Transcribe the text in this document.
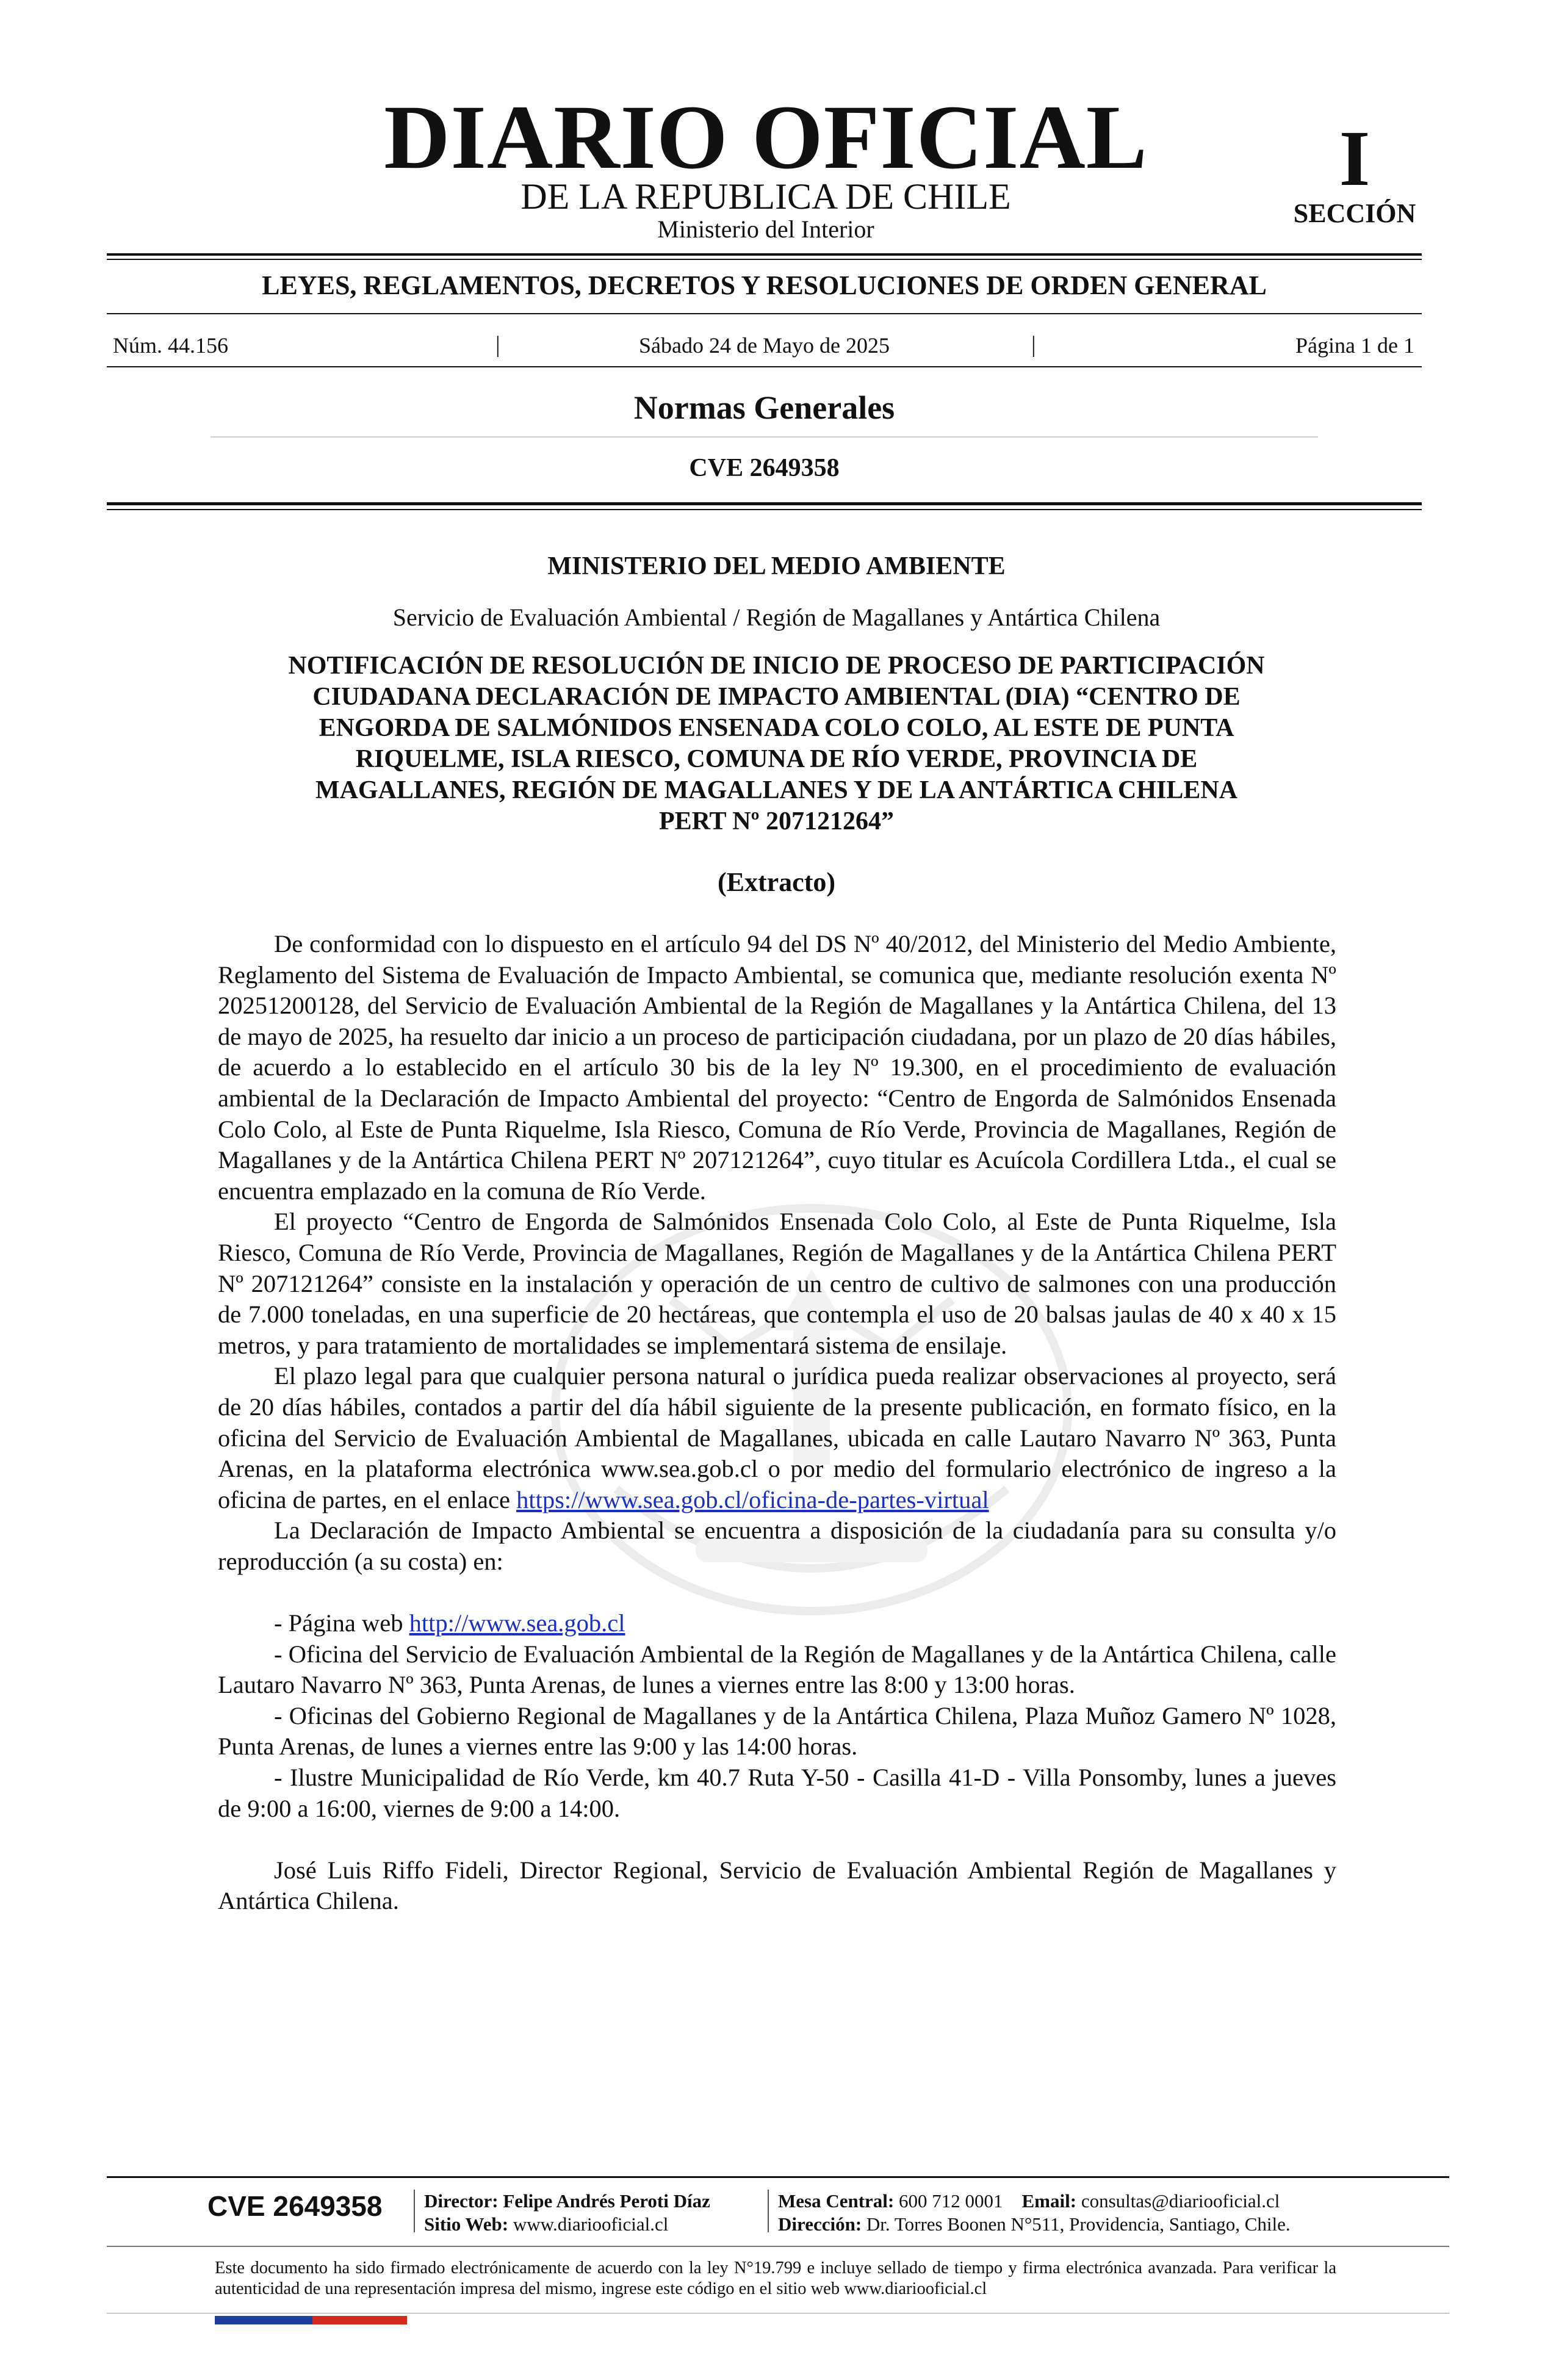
DIARIO OFICIAL
DE LA REPUBLICA DE CHILE
Ministerio del Interior
I
SECCIÓN
LEYES, REGLAMENTOS, DECRETOS Y RESOLUCIONES DE ORDEN GENERAL
Núm. 44.156	|	Sábado 24 de Mayo de 2025	|	Página 1 de 1
Normas Generales
CVE 2649358
MINISTERIO DEL MEDIO AMBIENTE
Servicio de Evaluación Ambiental / Región de Magallanes y Antártica Chilena
NOTIFICACIÓN DE RESOLUCIÓN DE INICIO DE PROCESO DE PARTICIPACIÓN
CIUDADANA DECLARACIÓN DE IMPACTO AMBIENTAL (DIA) “CENTRO DE
ENGORDA DE SALMÓNIDOS ENSENADA COLO COLO, AL ESTE DE PUNTA
RIQUELME, ISLA RIESCO, COMUNA DE RÍO VERDE, PROVINCIA DE
MAGALLANES, REGIÓN DE MAGALLANES Y DE LA ANTÁRTICA CHILENA
PERT Nº 207121264”
(Extracto)

De conformidad con lo dispuesto en el artículo 94 del DS Nº 40/2012, del Ministerio del Medio Ambiente, Reglamento del Sistema de Evaluación de Impacto Ambiental, se comunica que, mediante resolución exenta Nº 20251200128, del Servicio de Evaluación Ambiental de la Región de Magallanes y la Antártica Chilena, del 13 de mayo de 2025, ha resuelto dar inicio a un proceso de participación ciudadana, por un plazo de 20 días hábiles, de acuerdo a lo establecido en el artículo 30 bis de la ley Nº 19.300, en el procedimiento de evaluación ambiental de la Declaración de Impacto Ambiental del proyecto: “Centro de Engorda de Salmónidos Ensenada Colo Colo, al Este de Punta Riquelme, Isla Riesco, Comuna de Río Verde, Provincia de Magallanes, Región de Magallanes y de la Antártica Chilena PERT Nº 207121264”, cuyo titular es Acuícola Cordillera Ltda., el cual se encuentra emplazado en la comuna de Río Verde.

El proyecto “Centro de Engorda de Salmónidos Ensenada Colo Colo, al Este de Punta Riquelme, Isla Riesco, Comuna de Río Verde, Provincia de Magallanes, Región de Magallanes y de la Antártica Chilena PERT Nº 207121264” consiste en la instalación y operación de un centro de cultivo de salmones con una producción de 7.000 toneladas, en una superficie de 20 hectáreas, que contempla el uso de 20 balsas jaulas de 40 x 40 x 15 metros, y para tratamiento de mortalidades se implementará sistema de ensilaje.

El plazo legal para que cualquier persona natural o jurídica pueda realizar observaciones al proyecto, será de 20 días hábiles, contados a partir del día hábil siguiente de la presente publicación, en formato físico, en la oficina del Servicio de Evaluación Ambiental de Magallanes, ubicada en calle Lautaro Navarro Nº 363, Punta Arenas, en la plataforma electrónica www.sea.gob.cl o por medio del formulario electrónico de ingreso a la oficina de partes, en el enlace https://www.sea.gob.cl/oficina-de-partes-virtual

La Declaración de Impacto Ambiental se encuentra a disposición de la ciudadanía para su consulta y/o reproducción (a su costa) en:

- Página web http://www.sea.gob.cl

- Oficina del Servicio de Evaluación Ambiental de la Región de Magallanes y de la Antártica Chilena, calle Lautaro Navarro Nº 363, Punta Arenas, de lunes a viernes entre las 8:00 y 13:00 horas.

- Oficinas del Gobierno Regional de Magallanes y de la Antártica Chilena, Plaza Muñoz Gamero Nº 1028, Punta Arenas, de lunes a viernes entre las 9:00 y las 14:00 horas.

- Ilustre Municipalidad de Río Verde, km 40.7 Ruta Y-50 - Casilla 41-D - Villa Ponsomby, lunes a jueves de 9:00 a 16:00, viernes de 9:00 a 14:00.

José Luis Riffo Fideli, Director Regional, Servicio de Evaluación Ambiental Región de Magallanes y Antártica Chilena.

CVE 2649358	Director: Felipe Andrés Peroti Díaz
Sitio Web: www.diariooficial.cl
Mesa Central: 600 712 0001 Email: consultas@diariooficial.cl
Dirección: Dr. Torres Boonen N°511, Providencia, Santiago, Chile.
Este documento ha sido firmado electrónicamente de acuerdo con la ley N°19.799 e incluye sellado de tiempo y firma electrónica avanzada. Para verificar la autenticidad de una representación impresa del mismo, ingrese este código en el sitio web www.diariooficial.cl
